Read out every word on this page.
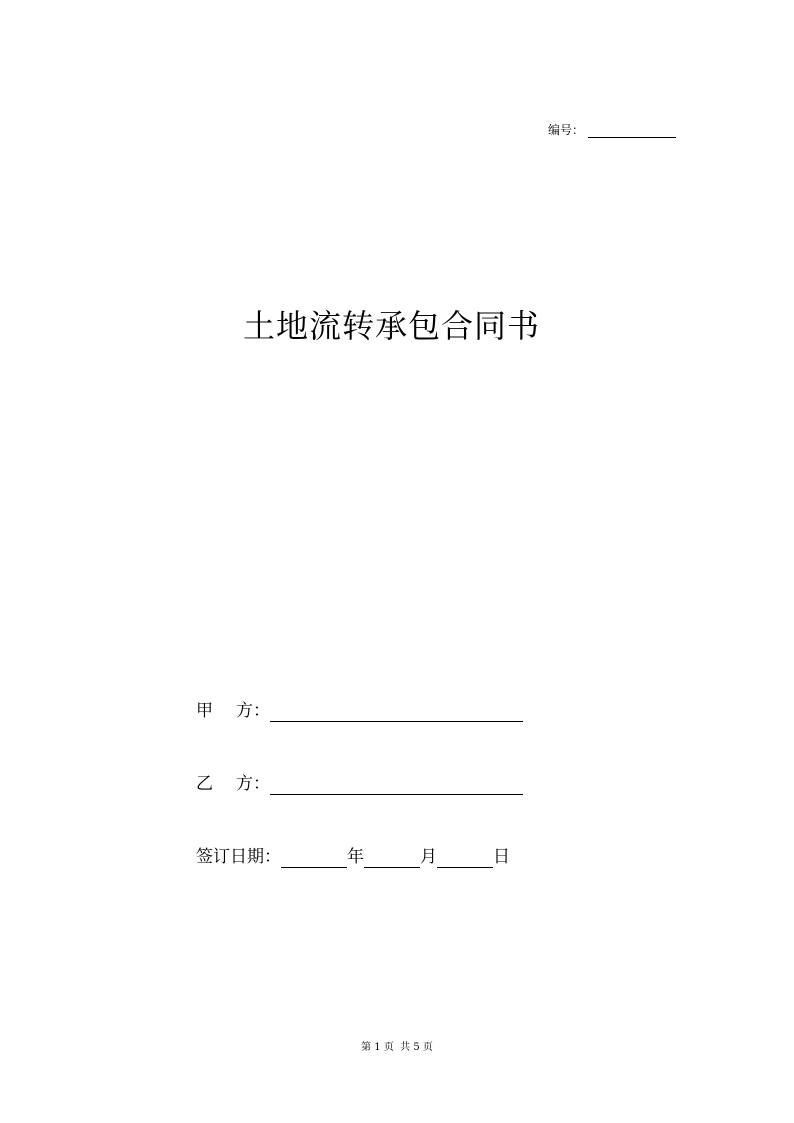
编号：
土地流转承包合同书
甲 方：
乙 方：
签订日期：	年	月	日
第 1 页  共 5 页
